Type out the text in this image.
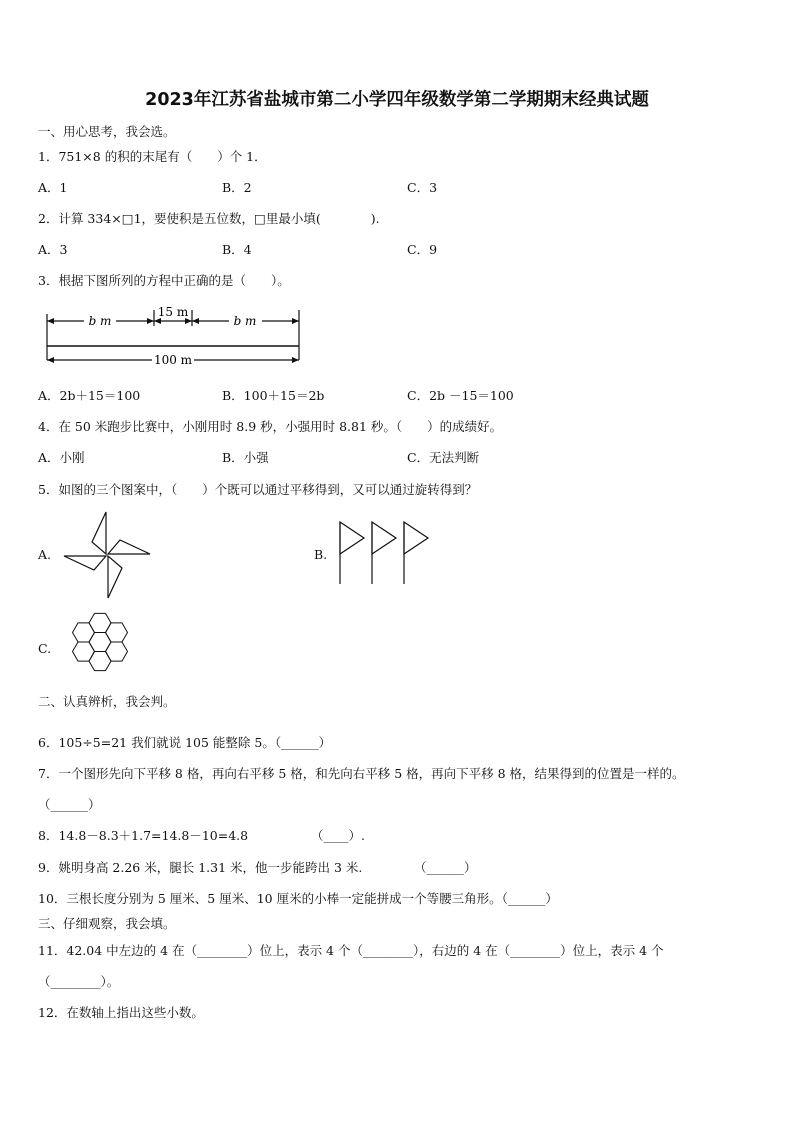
2023年江苏省盐城市第二小学四年级数学第二学期期末经典试题
一、用心思考，我会选。
1．751×8 的积的末尾有（　　）个 1．
A．1	B．2	C．3
2．计算 334×□1，要使积是五位数，□里最小填(　　　　).
A．3	B．4	C．9
3．根据下图所列的方程中正确的是（　　）。
b m
15 m
b m
100 m
A．2b＋15＝100	B．100＋15＝2b	C．2b －15＝100
4．在 50 米跑步比赛中，小刚用时 8.9 秒，小强用时 8.81 秒。（　　）的成绩好。
A．小刚	B．小强	C．无法判断
5．如图的三个图案中，（　　）个既可以通过平移得到，又可以通过旋转得到？
A.	B.
C.
二、认真辨析，我会判。
6．105÷5=21 我们就说 105 能整除 5。（______）
7．一个图形先向下平移 8 格，再向右平移 5 格，和先向右平移 5 格，再向下平移 8 格，结果得到的位置是一样的。
（______）
8．14.8－8.3＋1.7=14.8－10=4.8	（____）.
9．姚明身高 2.26 米，腿长 1.31 米，他一步能跨出 3 米.	（______）
10．三根长度分别为 5 厘米、5 厘米、10 厘米的小棒一定能拼成一个等腰三角形。（______）
三、仔细观察，我会填。
11．42.04 中左边的 4 在（________）位上，表示 4 个（________），右边的 4 在（________）位上，表示 4 个
（________）。
12．在数轴上指出这些小数。
